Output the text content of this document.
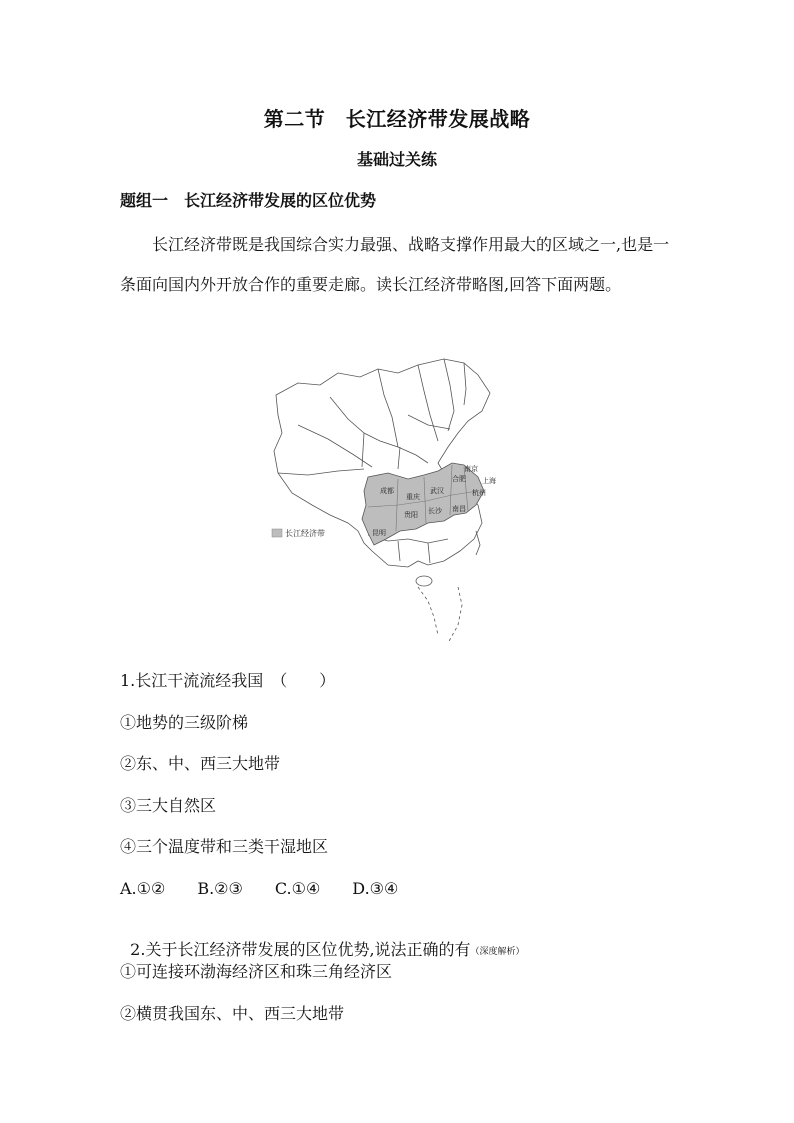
第二节　长江经济带发展战略
基础过关练
题组一　长江经济带发展的区位优势
长江经济带既是我国综合实力最强、战略支撑作用最大的区域之一,也是一条面向国内外开放合作的重要走廊。读长江经济带略图,回答下面两题。
成都
重庆
武汉
合肥
南京
上海
杭州
长沙 南昌
贵阳
昆明
长江经济带
1.长江干流流经我国　（　　）
①地势的三级阶梯
②东、中、西三大地带
③三大自然区
④三个温度带和三类干湿地区
A.①②　　B.②③　　C.①④　　D.③④

2.关于长江经济带发展的区位优势,说法正确的有（深度解析）

①可连接环渤海经济区和珠三角经济区
②横贯我国东、中、西三大地带
